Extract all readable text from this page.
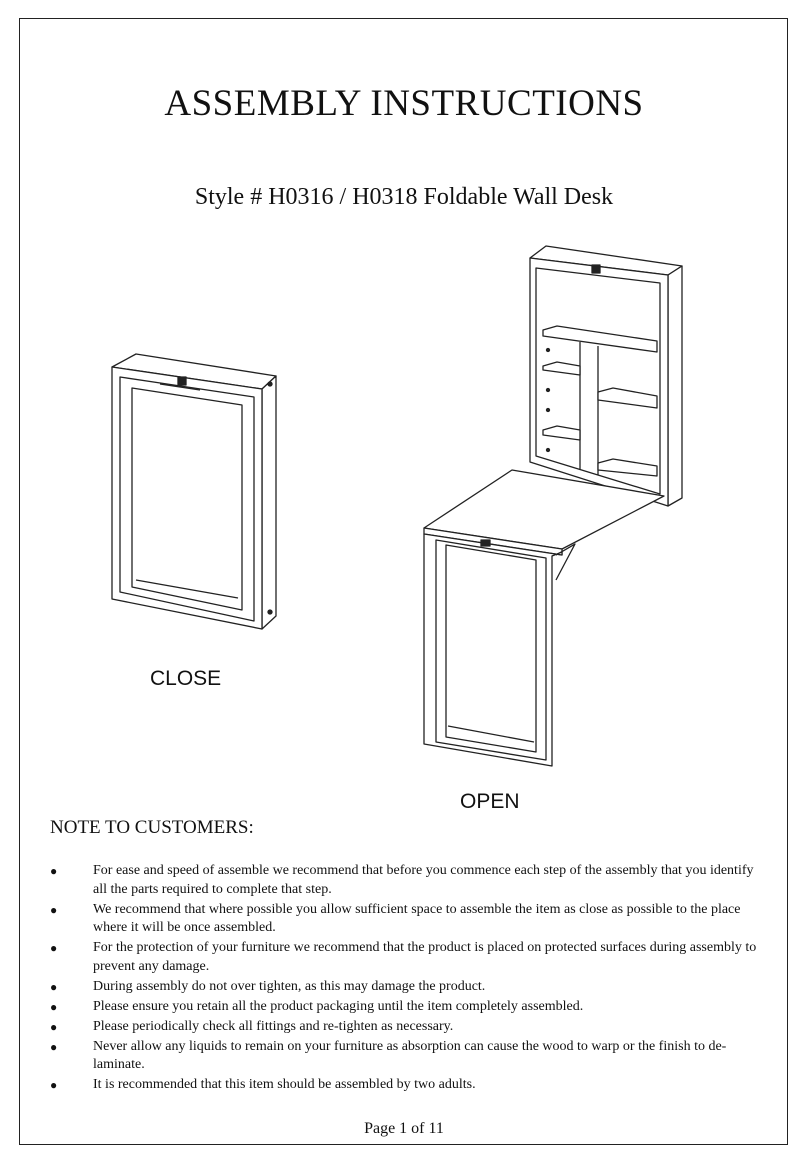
ASSEMBLY INSTRUCTIONS
Style # H0316 / H0318 Foldable Wall Desk
CLOSE
OPEN
NOTE TO CUSTOMERS:
●	For ease and speed of assemble we recommend that before you commence each step of the assembly that you identify all the parts required to complete that step.
●	We recommend that where possible you allow sufficient space to assemble the item as close as possible to the place where it will be once assembled.
●	For the protection of your furniture we recommend that the product is placed on protected surfaces during assembly to prevent any damage.
●	During assembly do not over tighten, as this may damage the product.
●	Please ensure you retain all the product packaging until the item completely assembled.
●	Please periodically check all fittings and re-tighten as necessary.
●	Never allow any liquids to remain on your furniture as absorption can cause the wood to warp or the finish to de-laminate.
●	It is recommended that this item should be assembled by two adults.
Page 1 of 11
